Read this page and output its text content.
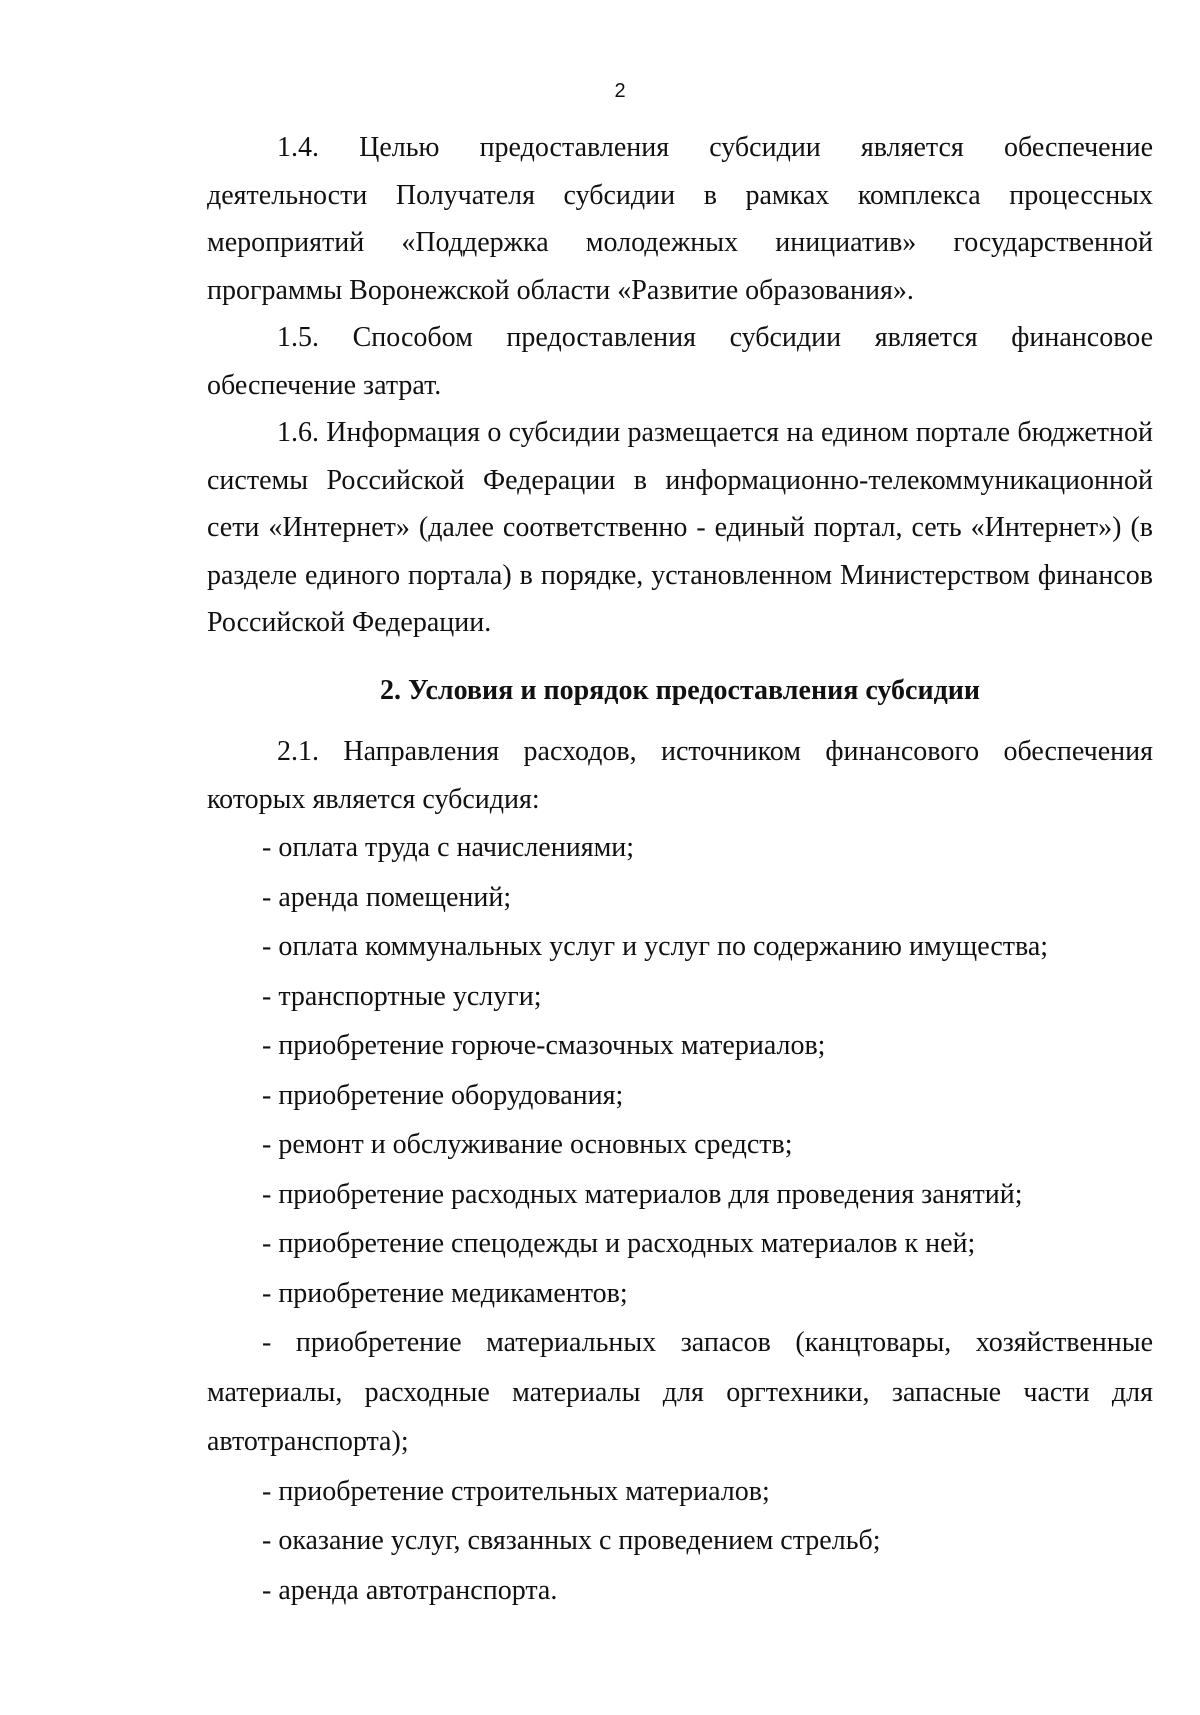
2

1.4. Целью предоставления субсидии является обеспечение деятельности Получателя субсидии в рамках комплекса процессных мероприятий «Поддержка молодежных инициатив» государственной программы Воронежской области «Развитие образования».

1.5. Способом предоставления субсидии является финансовое обеспечение затрат.

1.6. Информация о субсидии размещается на едином портале бюджетной системы Российской Федерации в информационно-телекоммуникационной сети «Интернет» (далее соответственно - единый портал, сеть «Интернет») (в разделе единого портала) в порядке, установленном Министерством финансов Российской Федерации.

2. Условия и порядок предоставления субсидии

2.1. Направления расходов, источником финансового обеспечения которых является субсидия:

- оплата труда с начислениями;

- аренда помещений;

- оплата коммунальных услуг и услуг по содержанию имущества;

- транспортные услуги;

- приобретение горюче-смазочных материалов;

- приобретение оборудования;

- ремонт и обслуживание основных средств;

- приобретение расходных материалов для проведения занятий;

- приобретение спецодежды и расходных материалов к ней;

- приобретение медикаментов;

- приобретение материальных запасов (канцтовары, хозяйственные материалы, расходные материалы для оргтехники, запасные части для автотранспорта);

- приобретение строительных материалов;

- оказание услуг, связанных с проведением стрельб;

- аренда автотранспорта.
